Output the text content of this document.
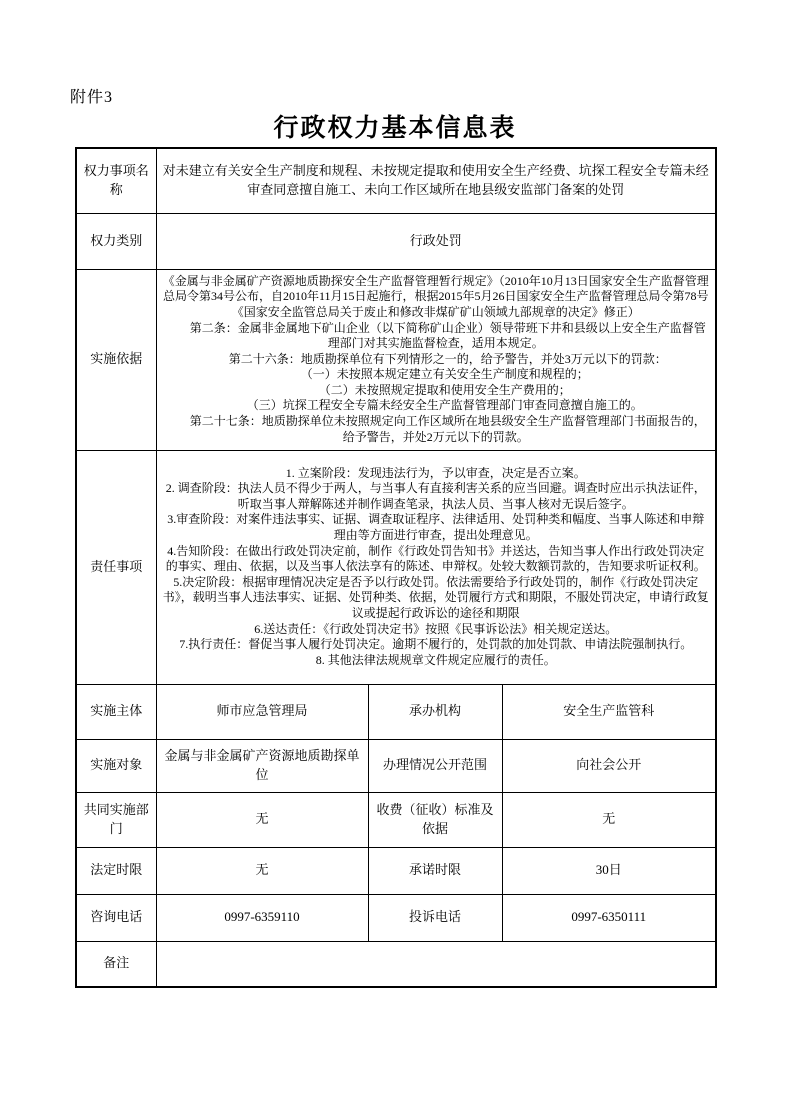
附件3
行政权力基本信息表
权力事项名称	对未建立有关安全生产制度和规程、未按规定提取和使用安全生产经费、坑探工程安全专篇未经审查同意擅自施工、未向工作区域所在地县级安监部门备案的处罚		
权力类别	行政处罚		
实施依据	
《金属与非金属矿产资源地质勘探安全生产监督管理暂行规定》（2010年10月13日国家安全生产监督管理总局令第34号公布，自2010年11月15日起施行，根据2015年5月26日国家安全生产监督管理总局令第78号《国家安全监管总局关于废止和修改非煤矿矿山领域九部规章的决定》修正）
　　第二条：金属非金属地下矿山企业（以下简称矿山企业）领导带班下井和县级以上安全生产监督管理部门对其实施监督检查，适用本规定。
　　第二十六条：地质勘探单位有下列情形之一的，给予警告，并处3万元以下的罚款：
　　（一）未按照本规定建立有关安全生产制度和规程的；
　　（二）未按照规定提取和使用安全生产费用的；
　　（三）坑探工程安全专篇未经安全生产监督管理部门审查同意擅自施工的。
　　第二十七条：地质勘探单位未按照规定向工作区域所在地县级安全生产监督管理部门书面报告的，给予警告，并处2万元以下的罚款。

责任事项	
1. 立案阶段：发现违法行为，予以审查，决定是否立案。
2. 调查阶段：执法人员不得少于两人，与当事人有直接利害关系的应当回避。调查时应出示执法证件，听取当事人辩解陈述并制作调查笔录，执法人员、当事人核对无误后签字。
3.审查阶段：对案件违法事实、证据、调查取证程序、法律适用、处罚种类和幅度、当事人陈述和申辩理由等方面进行审查，提出处理意见。
4.告知阶段：在做出行政处罚决定前，制作《行政处罚告知书》并送达，告知当事人作出行政处罚决定的事实、理由、依据，以及当事人依法享有的陈述、申辩权。处较大数额罚款的，告知要求听证权利。
5.决定阶段：根据审理情况决定是否予以行政处罚。依法需要给予行政处罚的，制作《行政处罚决定书》，载明当事人违法事实、证据、处罚种类、依据，处罚履行方式和期限，不服处罚决定，申请行政复议或提起行政诉讼的途径和期限
6.送达责任：《行政处罚决定书》按照《民事诉讼法》相关规定送达。
7.执行责任：督促当事人履行处罚决定。逾期不履行的，处罚款的加处罚款、申请法院强制执行。
8. 其他法律法规规章文件规定应履行的责任。

实施主体	师市应急管理局	承办机构	安全生产监管科
实施对象	金属与非金属矿产资源地质勘探单位	办理情况公开范围	向社会公开
共同实施部门	无	收费（征收）标准及依据	无
法定时限	无	承诺时限	30日
咨询电话	0997-6359110	投诉电话	0997-6350111
备注			
